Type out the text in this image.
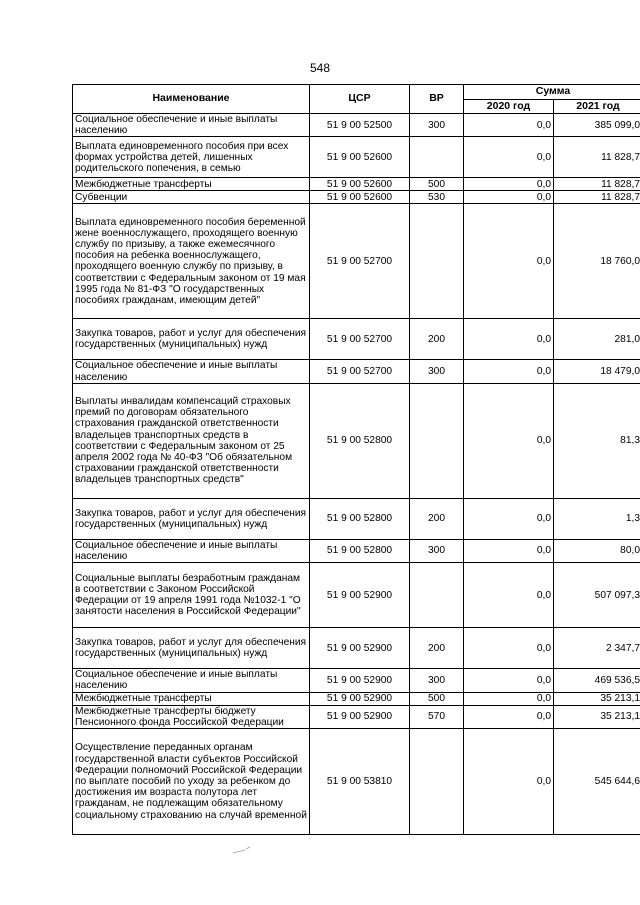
548
Наименование	ЦСР	ВР	Сумма	
			2020 год	2021 год
Социальное обеспечение и иные выплаты населению	51 9 00 52500	300	0,0	385 099,0
Выплата единовременного пособия при всех формах устройства детей, лишенных родительского попечения, в семью	51 9 00 52600		0,0	11 828,7
Межбюджетные трансферты	51 9 00 52600	500	0,0	11 828,7
Субвенции	51 9 00 52600	530	0,0	11 828,7
Выплата единовременного пособия беременной жене военнослужащего, проходящего военную службу по призыву, а также ежемесячного пособия на ребенка военнослужащего, проходящего военную службу по призыву, в соответствии с Федеральным законом от 19 мая 1995 года № 81-ФЗ "О государственных пособиях гражданам, имеющим детей"	51 9 00 52700		0,0	18 760,0
Закупка товаров, работ и услуг для обеспечения государственных (муниципальных) нужд	51 9 00 52700	200	0,0	281,0
Социальное обеспечение и иные выплаты населению	51 9 00 52700	300	0,0	18 479,0
Выплаты инвалидам компенсаций страховых премий по договорам обязательного страхования гражданской ответственности владельцев транспортных средств в соответствии с Федеральным законом от 25 апреля 2002 года № 40-ФЗ "Об обязательном страховании гражданской ответственности владельцев транспортных средств"	51 9 00 52800		0,0	81,3
Закупка товаров, работ и услуг для обеспечения государственных (муниципальных) нужд	51 9 00 52800	200	0,0	1,3
Социальное обеспечение и иные выплаты населению	51 9 00 52800	300	0,0	80,0
Социальные выплаты безработным гражданам в соответствии с Законом Российской Федерации от 19 апреля 1991 года №1032-1 "О занятости населения в Российской Федерации"	51 9 00 52900		0,0	507 097,3
Закупка товаров, работ и услуг для обеспечения государственных (муниципальных) нужд	51 9 00 52900	200	0,0	2 347,7
Социальное обеспечение и иные выплаты населению	51 9 00 52900	300	0,0	469 536,5
Межбюджетные трансферты	51 9 00 52900	500	0,0	35 213,1
Межбюджетные трансферты бюджету Пенсионного фонда Российской Федерации	51 9 00 52900	570	0,0	35 213,1
Осуществление переданных органам государственной власти субъектов Российской Федерации полномочий Российской Федерации по выплате пособий по уходу за ребенком до достижения им возраста полутора лет гражданам, не подлежащим обязательному социальному страхованию на случай временной	51 9 00 53810		0,0	545 644,6
